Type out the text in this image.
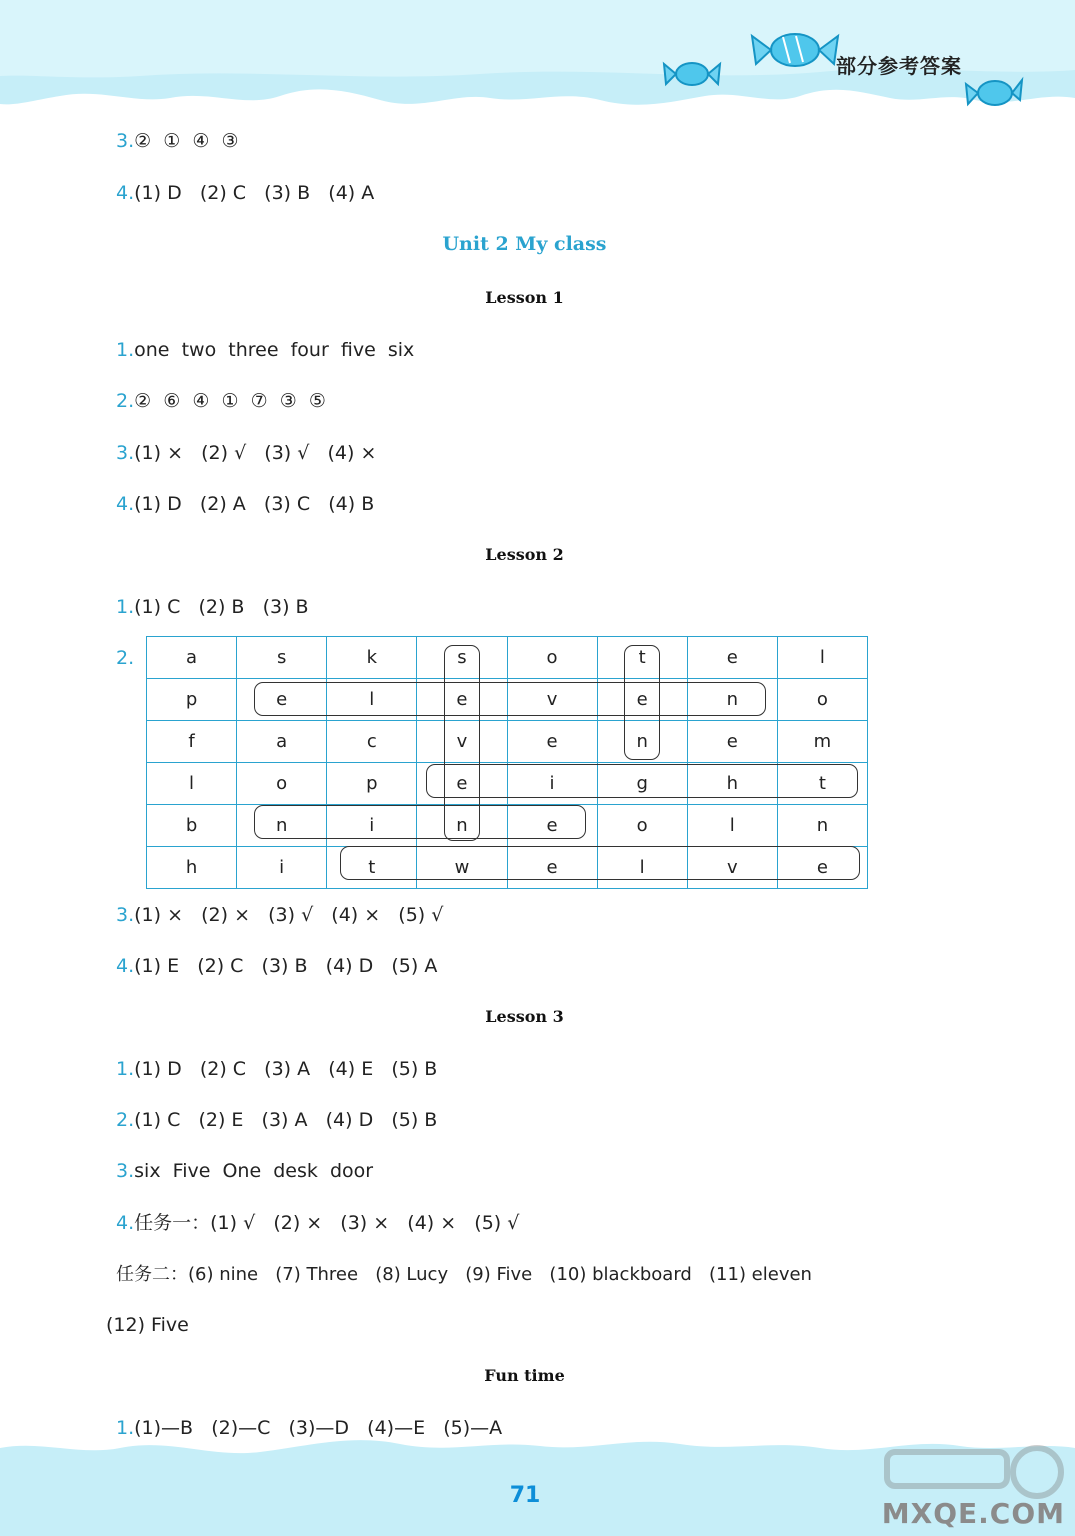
部分参考答案
3.②  ①  ④  ③
4.(1) D   (2) C   (3) B   (4) A
Unit 2 My class
Lesson 1
1.one  two  three  four  five  six
2.②  ⑥  ④  ①  ⑦  ③  ⑤
3.(1) ×   (2) √   (3) √   (4) ×
4.(1) D   (2) A   (3) C   (4) B
Lesson 2
1.(1) C   (2) B   (3) B
2.	a	s	k	s	o	t	e	l
p	e	l	e	v	e	n	o
f	a	c	v	e	n	e	m
l	o	p	e	i	g	h	t
b	n	i	n	e	o	l	n
h	i	t	w	e	l	v	e
3.(1) ×   (2) ×   (3) √   (4) ×   (5) √
4.(1) E   (2) C   (3) B   (4) D   (5) A
Lesson 3
1.(1) D   (2) C   (3) A   (4) E   (5) B
2.(1) C   (2) E   (3) A   (4) D   (5) B
3.six  Five  One  desk  door
4.任务一：(1) √   (2) ×   (3) ×   (4) ×   (5) √
任务二：(6) nine   (7) Three   (8) Lucy   (9) Five   (10) blackboard   (11) eleven
(12) Five
Fun time
1.(1)—B   (2)—C   (3)—D   (4)—E   (5)—A
71
MXQE.COM
